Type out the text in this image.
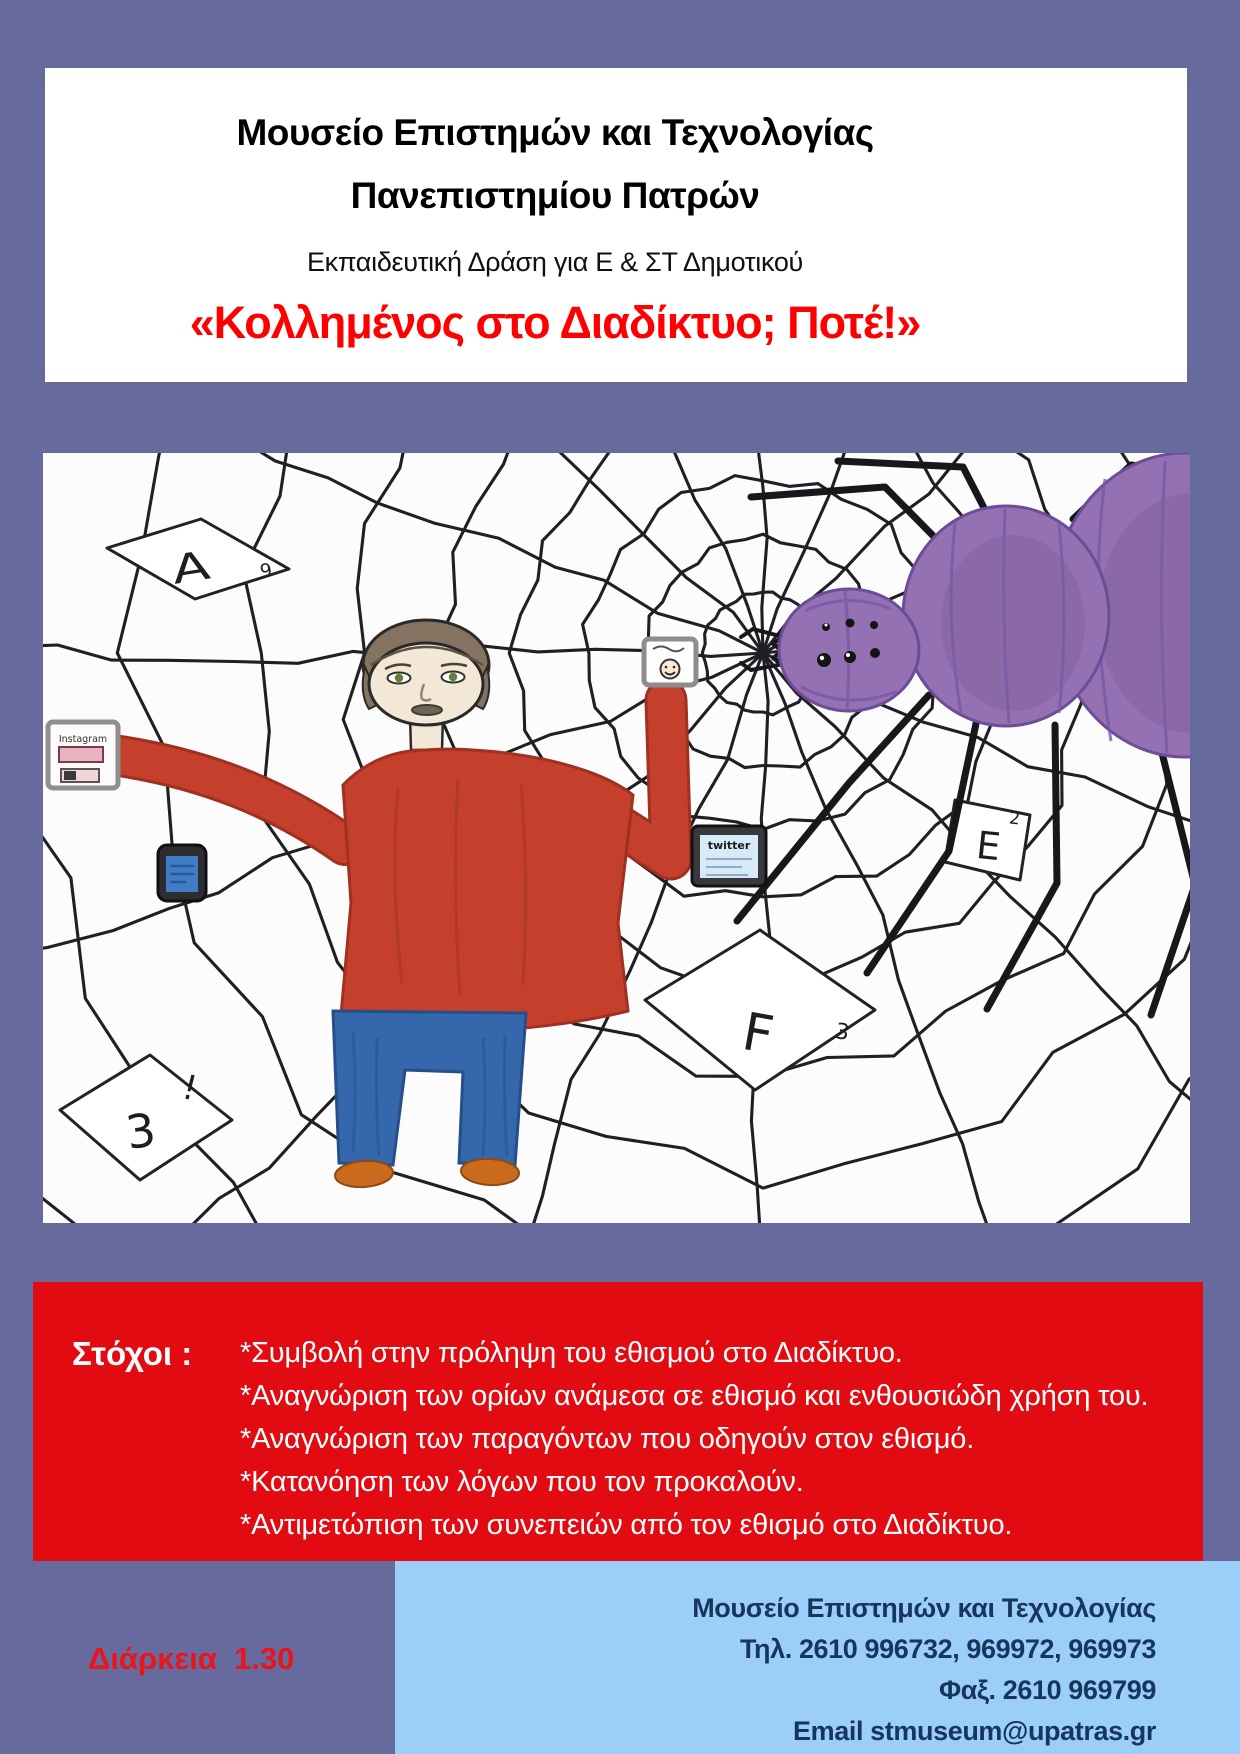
Μουσείο Επιστημών και Τεχνολογίας
Πανεπιστημίου Πατρών
Εκπαιδευτική Δράση για Ε & ΣΤ Δημοτικού
«Κολλημένος στο Διαδίκτυο; Ποτέ!»
A 9
3
!
F	3
E
2
Instagram
twitter
Στόχοι :	*Συμβολή στην πρόληψη του εθισμού στο Διαδίκτυο.
*Αναγνώριση των ορίων ανάμεσα σε εθισμό και ενθουσιώδη χρήση του.
*Αναγνώριση των παραγόντων που οδηγούν στον εθισμό.
*Κατανόηση των λόγων που τον προκαλούν.
*Αντιμετώπιση των συνεπειών από τον εθισμό στο Διαδίκτυο.
Διάρκεια  1.30
Μουσείο Επιστημών και Τεχνολογίας
Τηλ. 2610 996732, 969972, 969973
Φαξ. 2610 969799
Email stmuseum@upatras.gr
